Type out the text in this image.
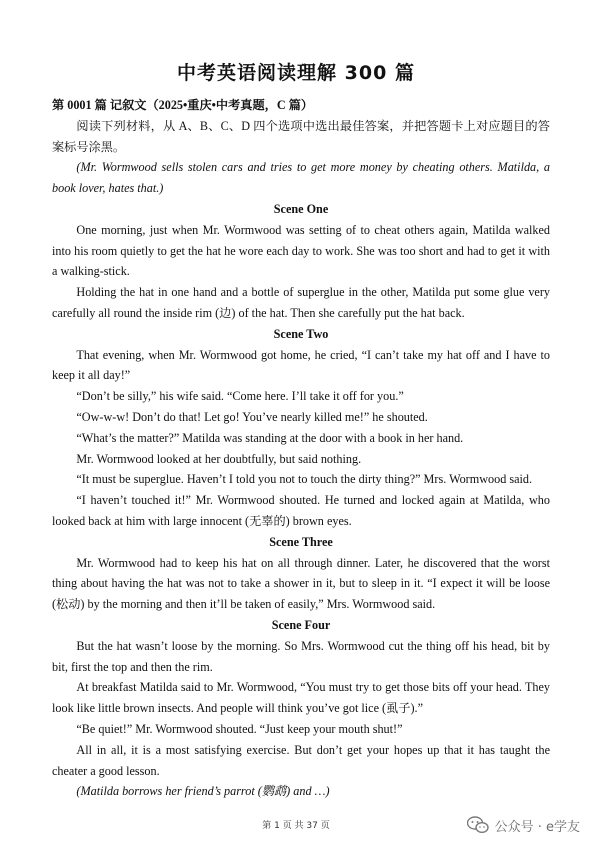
中考英语阅读理解 300 篇

第 0001 篇 记叙文（2025•重庆•中考真题，C 篇）

阅读下列材料，从 A、B、C、D 四个选项中选出最佳答案，并把答题卡上对应题目的答案标号涂黑。

(Mr. Wormwood sells stolen cars and tries to get more money by cheating others. Matilda, a book lover, hates that.)

Scene One

One morning, just when Mr. Wormwood was setting of to cheat others again, Matilda walked into his room quietly to get the hat he wore each day to work. She was too short and had to get it with a walking-stick.

Holding the hat in one hand and a bottle of superglue in the other, Matilda put some glue very carefully all round the inside rim (边) of the hat. Then she carefully put the hat back.

Scene Two

That evening, when Mr. Wormwood got home, he cried, “I can’t take my hat off and I have to keep it all day!”

“Don’t be silly,” his wife said. “Come here. I’ll take it off for you.”

“Ow-w-w! Don’t do that! Let go! You’ve nearly killed me!” he shouted.

“What’s the matter?” Matilda was standing at the door with a book in her hand.

Mr. Wormwood looked at her doubtfully, but said nothing.

“It must be superglue. Haven’t I told you not to touch the dirty thing?” Mrs. Wormwood said.

“I haven’t touched it!” Mr. Wormwood shouted. He turned and locked again at Matilda, who looked back at him with large innocent (无辜的) brown eyes.

Scene Three

Mr. Wormwood had to keep his hat on all through dinner. Later, he discovered that the worst thing about having the hat was not to take a shower in it, but to sleep in it. “I expect it will be loose (松动) by the morning and then it’ll be taken of easily,” Mrs. Wormwood said.

Scene Four

But the hat wasn’t loose by the morning. So Mrs. Wormwood cut the thing off his head, bit by bit, first the top and then the rim.

At breakfast Matilda said to Mr. Wormwood, “You must try to get those bits off your head. They look like little brown insects. And people will think you’ve got lice (虱子).”

“Be quiet!” Mr. Wormwood shouted. “Just keep your mouth shut!”

All in all, it is a most satisfying exercise. But don’t get your hopes up that it has taught the cheater a good lesson.

(Matilda borrows her friend’s parrot (鹦鹉) and …)

第 1 页 共 37 页	公众号 · e学友
